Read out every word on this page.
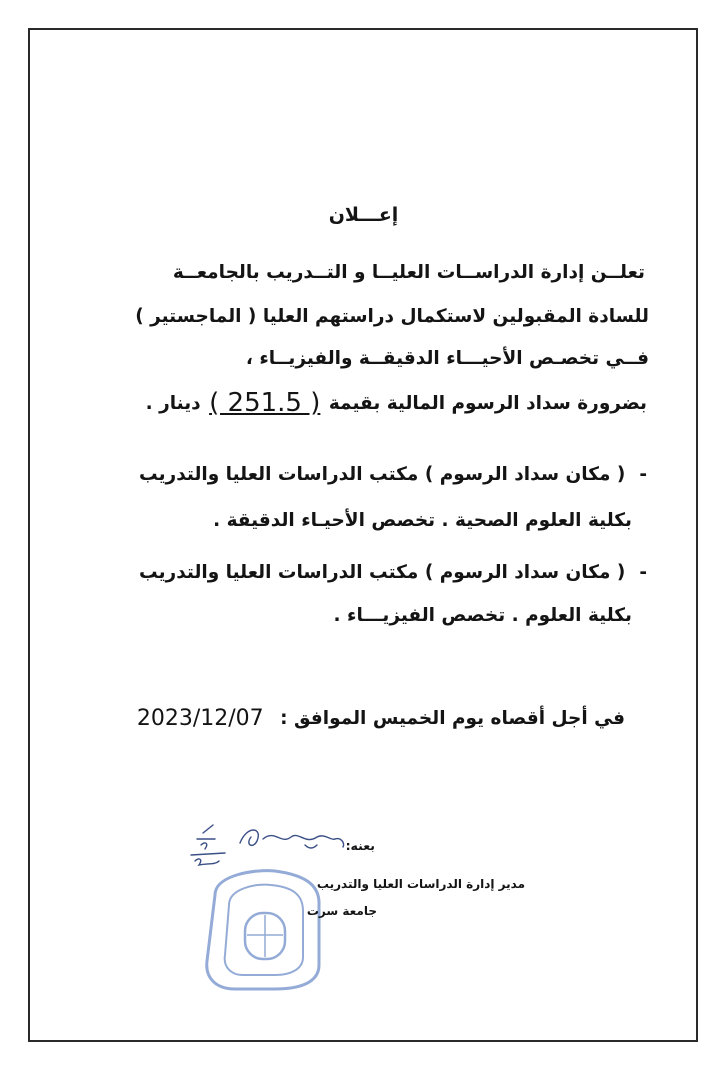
إعـــلان
تعلــن إدارة الدراســات العليــا و التــدريب بالجامعــة
للسادة المقبولين لاستكمال دراستهم العليا ( الماجستير )
فــي تخصـص الأحيـــاء الدقيقــة والفيزيــاء ،
بضرورة سداد الرسوم المالية بقيمة ( 251.5 ) دينار .
-( مكان سداد الرسوم ) مكتب الدراسات العليا والتدريب
بكلية العلوم الصحية . تخصص الأحيـاء الدقيقة .
-( مكان سداد الرسوم ) مكتب الدراسات العليا والتدريب
بكلية العلوم . تخصص الفيزيـــاء .
في أجل أقصاه يوم الخميس الموافق : 2023/12/07
بعنه:
مدير إدارة الدراسات العليا والتدريب
جامعة سرت
